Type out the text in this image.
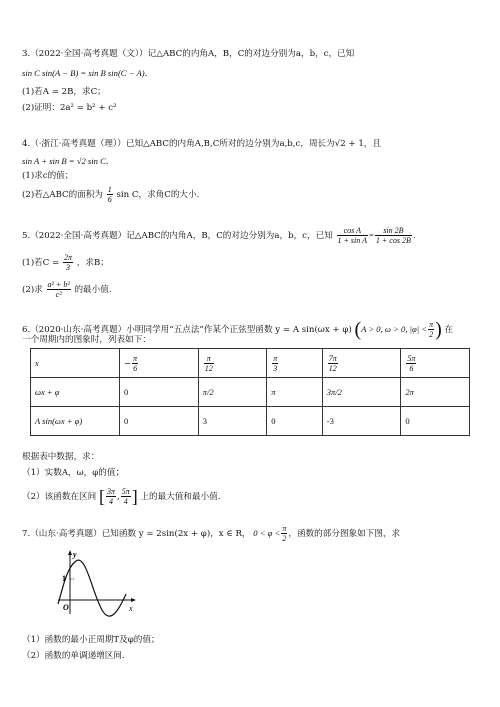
3.（2022·全国·高考真题（文））记△ABC的内角A，B，C的对边分别为a，b，c，已知
sin C sin(A − B) = sin B sin(C − A)．
(1)若A = 2B，求C；
(2)证明：2a² = b² + c²
4.（·浙江·高考真题（理））已知△ABC的内角A,B,C所对的边分别为a,b,c，周长为√2 + 1，且
sin A + sin B = √2 sin C．
(1)求c的值；
(2)若△ABC的面积为 $\frac{1}{6}$ sin C，求角C的大小.
5.（2022·全国·高考真题）记△ABC的内角A，B，C的对边分别为a，b，c，已知 $\frac{\text{cos A}}{\text{1 + sin A}} = \frac{\sin 2B}{1 + \cos 2B}$ .
(1)若$C = \frac{2\pi}{3}$ ，求B；
(2)求 $\frac{\text{a² + b²}}{\text{c²}}$ 的最小值.
6.（2020·山东·高考真题）小明同学用“五点法”作某个正弦型函数 y = A sin(ωx + φ) (A > 0, ω > 0, $|\varphi| < \frac{\pi}{2}$ ) 在
一个周期内的图象时，列表如下：
x	− $\frac{\pi}{6}$	$\frac{\pi}{12}$	$\frac{\pi}{3}$	$\frac{7\pi}{12}$	$\frac{5\pi}{6}$

ωx + φ	0	π/2	π	3π/2	2π
A sin(ωx + φ)	0	3	0	-3	0
根据表中数据，求：
（1）实数A，ω，φ的值；
（2）该函数在区间 [ $\frac{3\pi}{4}$ , $\frac{5\pi}{4}$ ] 上的最大值和最小值.
7.（山东·高考真题）已知函数 y = 2sin(2x + φ)，x ∈ R， $0 < \varphi < \frac{\pi}{2}$ ，函数的部分图象如下图，求
1
O
y
x
（1）函数的最小正周期T及φ的值；
（2）函数的单调递增区间.
